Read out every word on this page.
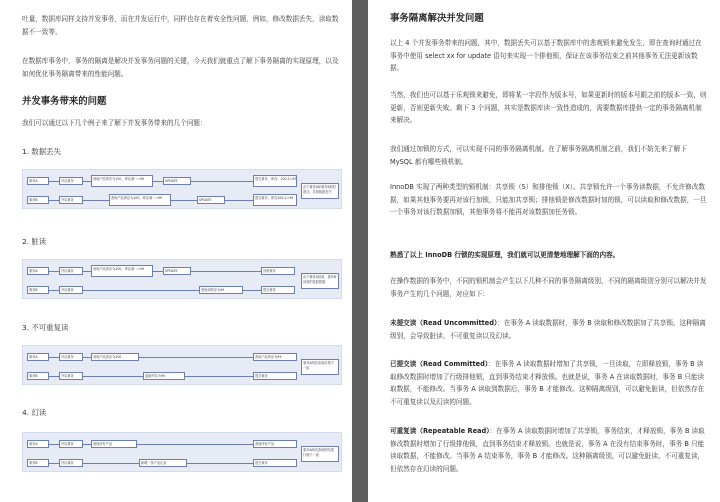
吐量，数据库同样支持并发事务，而在并发运行中，同样也存在着安全性问题，例如，修改数据丢失，读取数据不一致等。

在数据库事务中，事务的隔离是解决并发事务问题的关键，今天我们就重点了解下事务隔离的实现原理，以及如何优化事务隔离带来的性能问题。

并发事务带来的问题

我们可以通过以下几个例子来了解下并发事务带来的几个问题：

1. 数据丢失

事务A	开启事务	查询产品库存为100，库存减一=99	UPDATE	提交事务，库存：100-1=99
事务B	开启事务	查询产品库存为100，库存减一=99	UPDATE	提交事务，库存100-1=99
由于事务A和事务B同时提交，导致数据丢失

2. 脏读

事务A	开启事务	查询产品库存为100，库存减一=99	UPDATE	回滚事务
事务B	开启事务	查询到库存为99	提交事务
由于事务A回滚，事务B读到的是脏数据

3. 不可重复读

事务A	开启事务	查询产品库存为100	查询产品库存为99
事务B	开启事务	更新库存为99	提交事务
事务A两次读取结果不一致

4. 幻读

事务A	开启事务	查询所有产品	查询所有产品
事务B	开启事务	新增一条产品记录	提交事务
事务A两次查询的结果行数不一致

事务隔离解决并发问题

以上 4 个并发事务带来的问题，其中，数据丢失可以基于数据库中的悲观锁来避免发生，即在查询时通过在事务中使用 select xx for update 语句来实现一个排他锁，保证在该事务结束之前其他事务无法更新该数据。

当然，我们也可以基于乐观锁来避免，即将某一字段作为版本号，如果更新时的版本号跟之前的版本一致，则更新，否则更新失败。剩下 3 个问题，其实是数据库读一致性造成的，需要数据库提供一定的事务隔离机制来解决。

我们通过加锁的方式，可以实现不同的事务隔离机制。在了解事务隔离机制之前，我们不妨先来了解下 MySQL 都有哪些锁机制。

InnoDB 实现了两种类型的锁机制：共享锁（S）和排他锁（X）。共享锁允许一个事务读数据，不允许修改数据，如果其他事务要再对该行加锁，只能加共享锁；排他锁是修改数据时加的锁，可以读取和修改数据，一旦一个事务对该行数据加锁，其他事务将不能再对该数据加任务锁。

熟悉了以上 InnoDB 行锁的实现原理，我们就可以更清楚地理解下面的内容。

在操作数据的事务中，不同的锁机制会产生以下几种不同的事务隔离级别，不同的隔离级别分别可以解决并发事务产生的几个问题，对应如下：

未提交读（Read Uncommitted）：在事务 A 读取数据时，事务 B 读取和修改数据加了共享锁。这种隔离级别，会导致脏读、不可重复读以及幻读。

已提交读（Read Committed）：在事务 A 读取数据时增加了共享锁，一旦读取，立即释放锁，事务 B 读取修改数据时增加了行级排他锁，直到事务结束才释放锁。也就是说，事务 A 在读取数据时，事务 B 只能读取数据，不能修改。当事务 A 读取到数据后，事务 B 才能修改。这种隔离级别，可以避免脏读，但依然存在不可重复读以及幻读的问题。

可重复读（Repeatable Read）：在事务 A 读取数据时增加了共享锁，事务结束，才释放锁，事务 B 读取修改数据时增加了行级排他锁，直到事务结束才释放锁。也就是说，事务 A 在没有结束事务时，事务 B 只能读取数据，不能修改。当事务 A 结束事务，事务 B 才能修改。这种隔离级别，可以避免脏读、不可重复读，但依然存在幻读的问题。
